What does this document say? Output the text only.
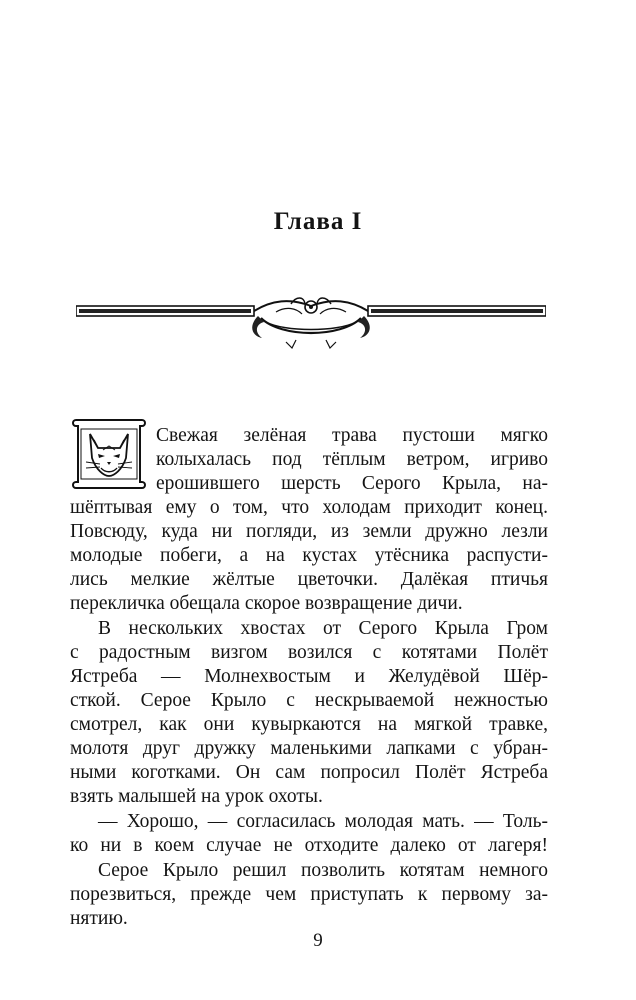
Глава I
Свежая зелёная трава пустоши мягко
колыхалась под тёплым ветром, игриво
ерошившего шерсть Серого Крыла, на-
шёптывая ему о том, что холодам приходит конец.
Повсюду, куда ни погляди, из земли дружно лезли
молодые побеги, а на кустах утёсника распусти-
лись мелкие жёлтые цветочки. Далёкая птичья
перекличка обещала скорое возвращение дичи.
В нескольких хвостах от Серого Крыла Гром
с радостным визгом возился с котятами Полёт
Ястреба — Молнехвостым и Желудёвой Шёр-
сткой. Серое Крыло с нескрываемой нежностью
смотрел, как они кувыркаются на мягкой травке,
молотя друг дружку маленькими лапками с убран-
ными коготками. Он сам попросил Полёт Ястреба
взять малышей на урок охоты.
— Хорошо, — согласилась молодая мать. — Толь-
ко ни в коем случае не отходите далеко от лагеря!
Серое Крыло решил позволить котятам немного
порезвиться, прежде чем приступать к первому за-
нятию.
9
